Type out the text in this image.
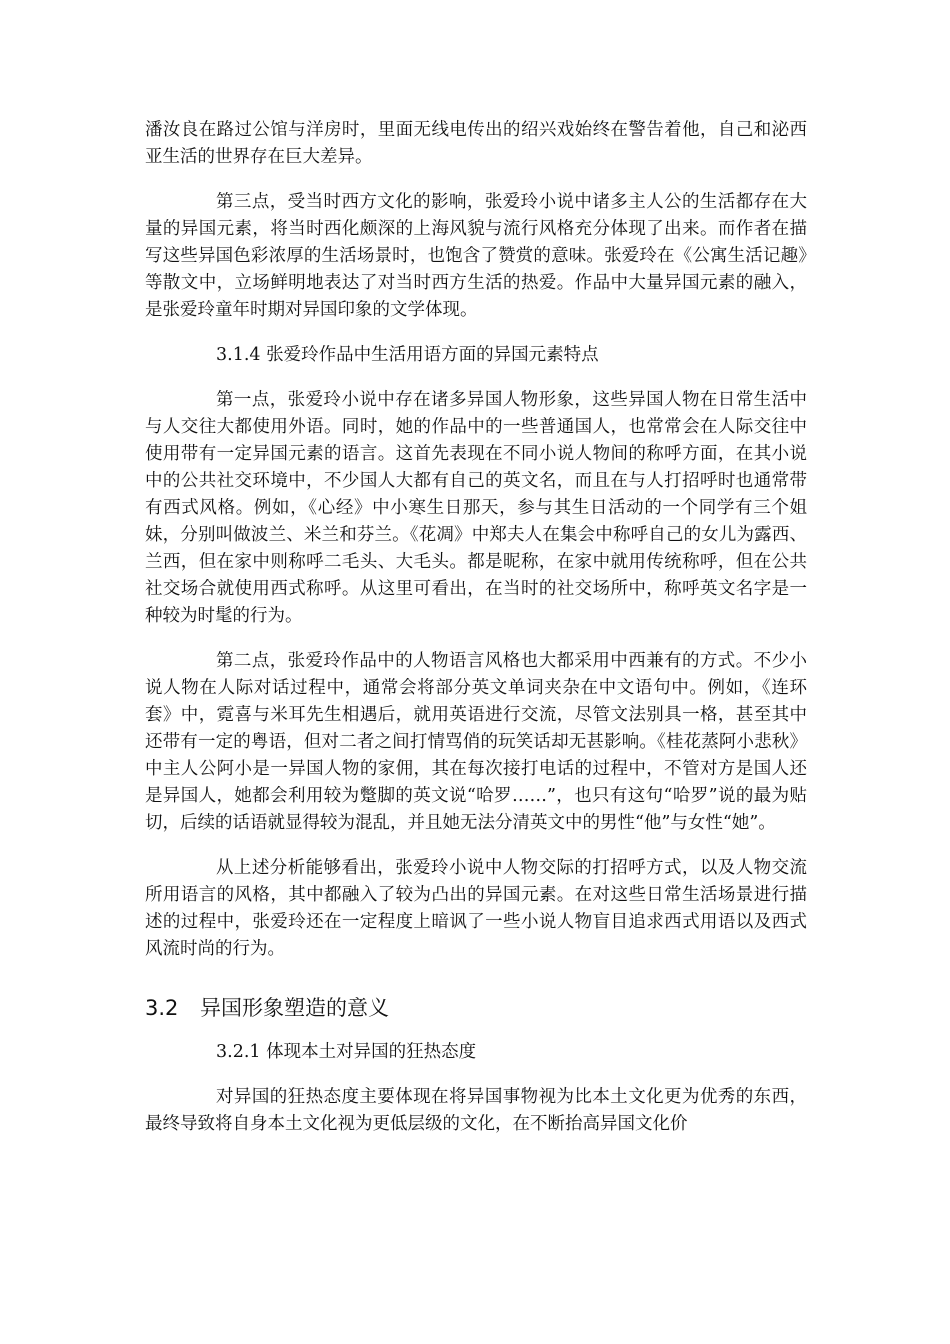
潘汝良在路过公馆与洋房时，里面无线电传出的绍兴戏始终在警告着他，自己和泌西亚生活的世界存在巨大差异。

第三点，受当时西方文化的影响，张爱玲小说中诸多主人公的生活都存在大量的异国元素，将当时西化颇深的上海风貌与流行风格充分体现了出来。而作者在描写这些异国色彩浓厚的生活场景时，也饱含了赞赏的意味。张爱玲在《公寓生活记趣》等散文中，立场鲜明地表达了对当时西方生活的热爱。作品中大量异国元素的融入，是张爱玲童年时期对异国印象的文学体现。

3.1.4 张爱玲作品中生活用语方面的异国元素特点

第一点，张爱玲小说中存在诸多异国人物形象，这些异国人物在日常生活中与人交往大都使用外语。同时，她的作品中的一些普通国人，也常常会在人际交往中使用带有一定异国元素的语言。这首先表现在不同小说人物间的称呼方面，在其小说中的公共社交环境中，不少国人大都有自己的英文名，而且在与人打招呼时也通常带有西式风格。例如，《心经》中小寒生日那天，参与其生日活动的一个同学有三个姐妹，分别叫做波兰、米兰和芬兰。《花凋》中郑夫人在集会中称呼自己的女儿为露西、兰西，但在家中则称呼二毛头、大毛头。都是昵称，在家中就用传统称呼，但在公共社交场合就使用西式称呼。从这里可看出，在当时的社交场所中，称呼英文名字是一种较为时髦的行为。

第二点，张爱玲作品中的人物语言风格也大都采用中西兼有的方式。不少小说人物在人际对话过程中，通常会将部分英文单词夹杂在中文语句中。例如，《连环套》中，霓喜与米耳先生相遇后，就用英语进行交流，尽管文法别具一格，甚至其中还带有一定的粤语，但对二者之间打情骂俏的玩笑话却无甚影响。《桂花蒸阿小悲秋》中主人公阿小是一异国人物的家佣，其在每次接打电话的过程中，不管对方是国人还是异国人，她都会利用较为蹩脚的英文说“哈罗……”，也只有这句“哈罗”说的最为贴切，后续的话语就显得较为混乱，并且她无法分清英文中的男性“他”与女性“她”。

从上述分析能够看出，张爱玲小说中人物交际的打招呼方式，以及人物交流所用语言的风格，其中都融入了较为凸出的异国元素。在对这些日常生活场景进行描述的过程中，张爱玲还在一定程度上暗讽了一些小说人物盲目追求西式用语以及西式风流时尚的行为。

3.2 异国形象塑造的意义

3.2.1 体现本土对异国的狂热态度

对异国的狂热态度主要体现在将异国事物视为比本土文化更为优秀的东西，最终导致将自身本土文化视为更低层级的文化，在不断抬高异国文化价
